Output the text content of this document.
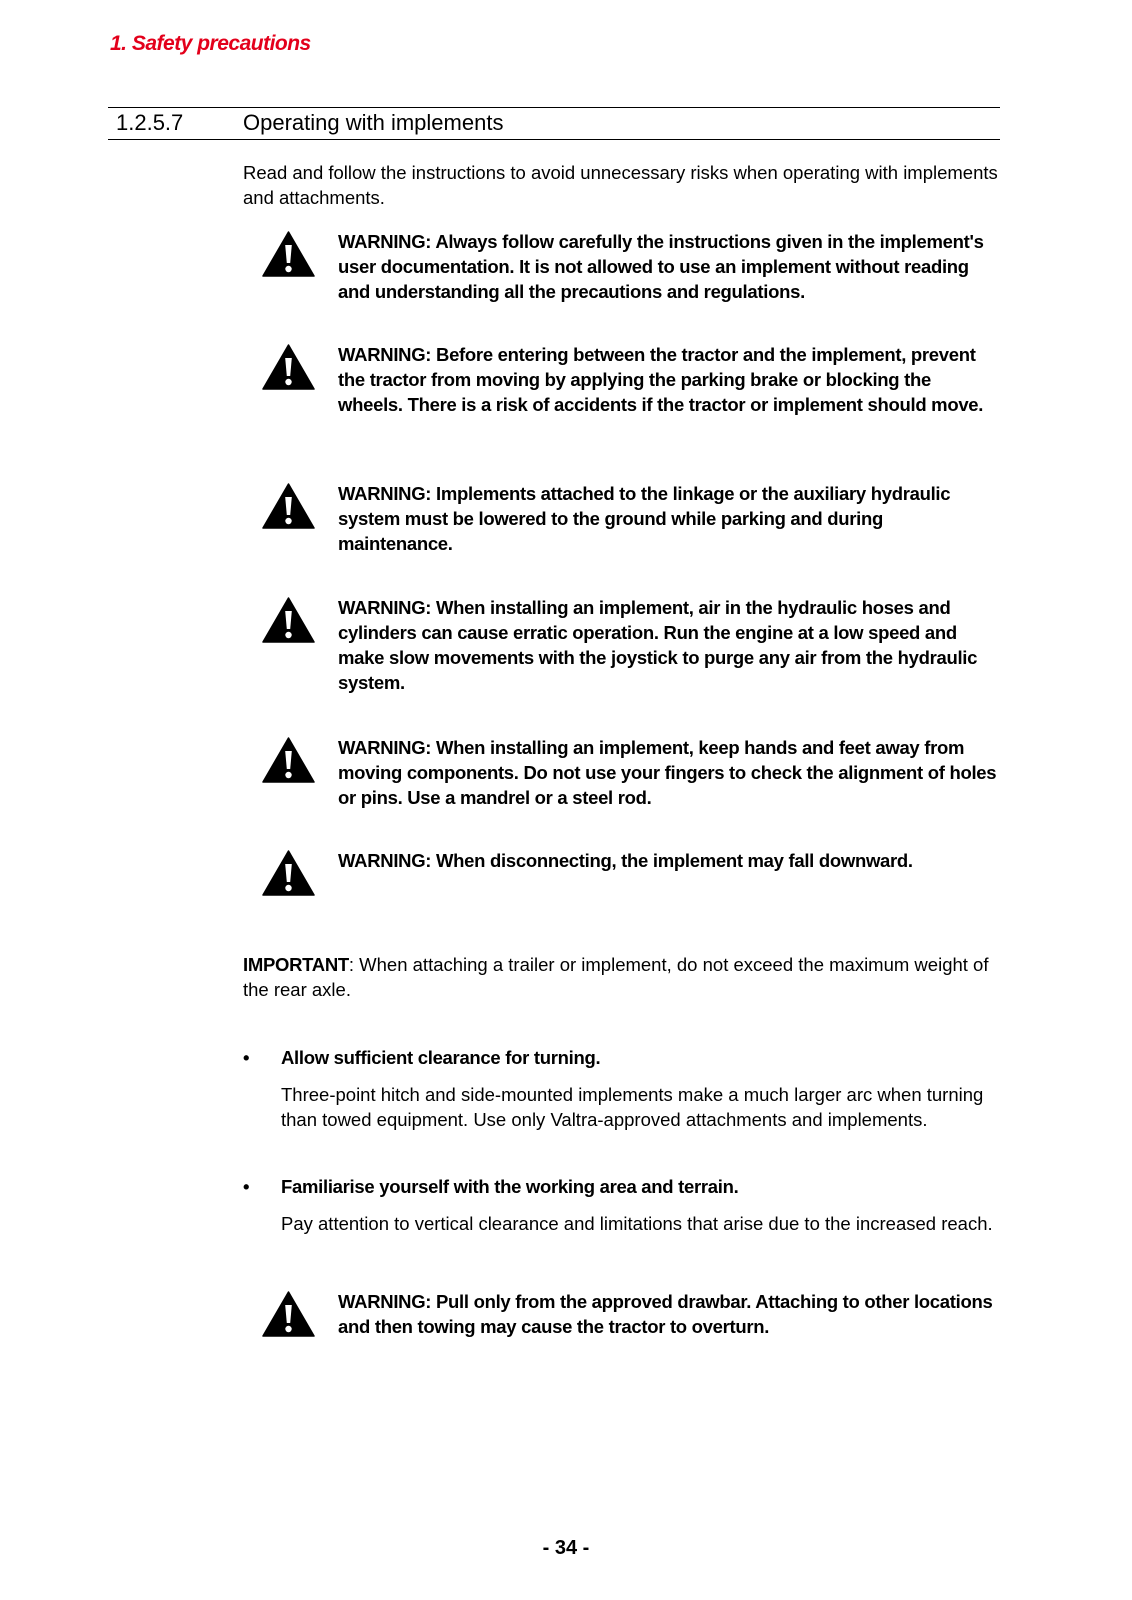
1. Safety precautions
1.2.5.7	Operating with implements
Read and follow the instructions to avoid unnecessary risks when operating with implements and attachments.
WARNING: Always follow carefully the instructions given in the implement's user documentation. It is not allowed to use an implement without reading and understanding all the precautions and regulations.
WARNING: Before entering between the tractor and the implement, prevent the tractor from moving by applying the parking brake or blocking the wheels. There is a risk of accidents if the tractor or implement should move.
WARNING: Implements attached to the linkage or the auxiliary hydraulic system must be lowered to the ground while parking and during maintenance.
WARNING: When installing an implement, air in the hydraulic hoses and cylinders can cause erratic operation. Run the engine at a low speed and make slow movements with the joystick to purge any air from the hydraulic system.
WARNING: When installing an implement, keep hands and feet away from moving components. Do not use your fingers to check the alignment of holes or pins. Use a mandrel or a steel rod.
WARNING: When disconnecting, the implement may fall downward.
IMPORTANT: When attaching a trailer or implement, do not exceed the maximum weight of the rear axle.
• Allow sufficient clearance for turning.
Three-point hitch and side-mounted implements make a much larger arc when turning than towed equipment. Use only Valtra-approved attachments and implements.
• Familiarise yourself with the working area and terrain.
Pay attention to vertical clearance and limitations that arise due to the increased reach.
WARNING: Pull only from the approved drawbar. Attaching to other locations and then towing may cause the tractor to overturn.
- 34 -
